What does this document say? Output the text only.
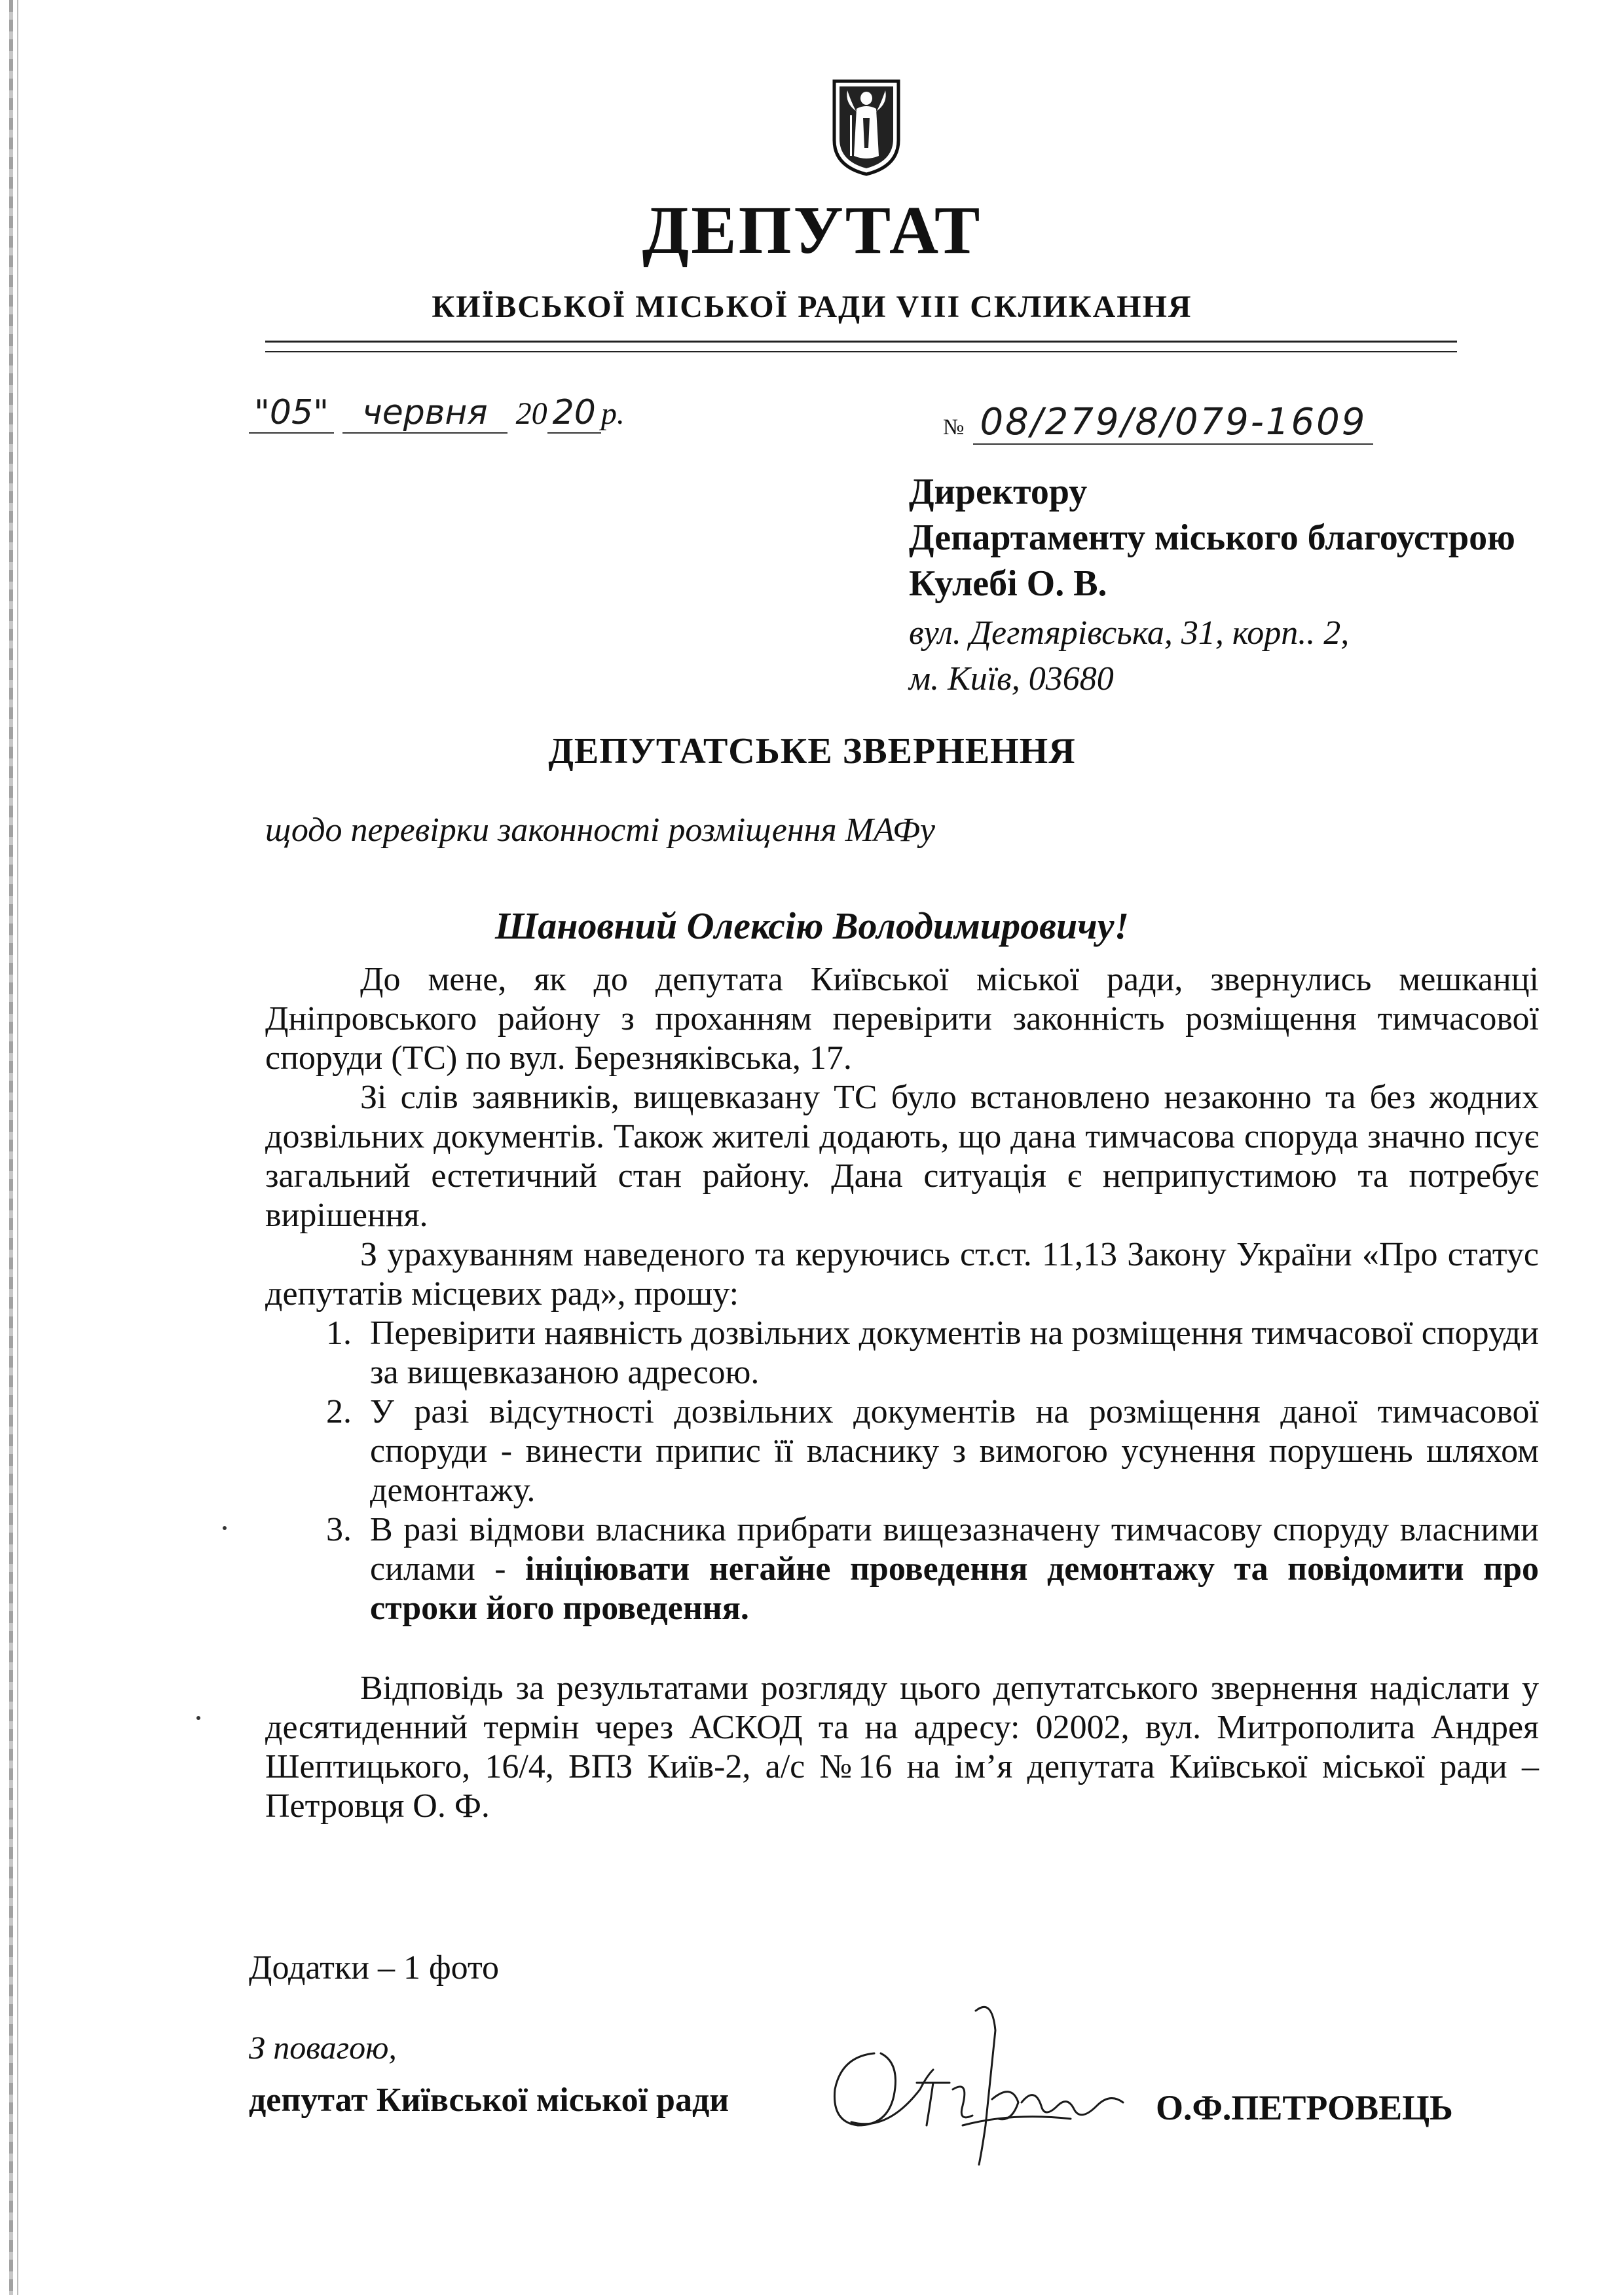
ДЕПУТАТ
КИЇВСЬКОЇ МІСЬКОЇ РАДИ VIII СКЛИКАННЯ
"05" червня 20 20 р.	№ 08/279/8/079-1609
Директору
Департаменту міського благоустрою
Кулебі О. В.
вул. Дегтярівська, 31, корп.. 2,
м. Київ, 03680
ДЕПУТАТСЬКЕ ЗВЕРНЕННЯ
щодо перевірки законності розміщення МАФу
Шановний Олексію Володимировичу!

До мене, як до депутата Київської міської ради, звернулись мешканці Дніпровського району з проханням перевірити законність розміщення тимчасової споруди (ТС) по вул. Березняківська, 17.

Зі слів заявників, вищевказану ТС було встановлено незаконно та без жодних дозвільних документів. Також жителі додають, що дана тимчасова споруда значно псує загальний естетичний стан району. Дана ситуація є неприпустимою та потребує вирішення.

З урахуванням наведеного та керуючись ст.ст. 11,13 Закону України «Про статус депутатів місцевих рад», прошу:

1. Перевірити наявність дозвільних документів на розміщення тимчасової споруди за вищевказаною адресою.
2. У разі відсутності дозвільних документів на розміщення даної тимчасової споруди - винести припис її власнику з вимогою усунення порушень шляхом демонтажу.
3. В разі відмови власника прибрати вищезазначену тимчасову споруду власними силами - ініціювати негайне проведення демонтажу та повідомити про строки його проведення.

Відповідь за результатами розгляду цього депутатського звернення надіслати у десятиденний термін через АСКОД та на адресу: 02002, вул. Митрополита Андрея Шептицького, 16/4, ВПЗ Київ-2, а/с №16 на ім’я депутата Київської міської ради – Петровця О. Ф.

Додатки – 1 фото
З повагою,
депутат Київської міської ради	О.Ф.ПЕТРОВЕЦЬ
